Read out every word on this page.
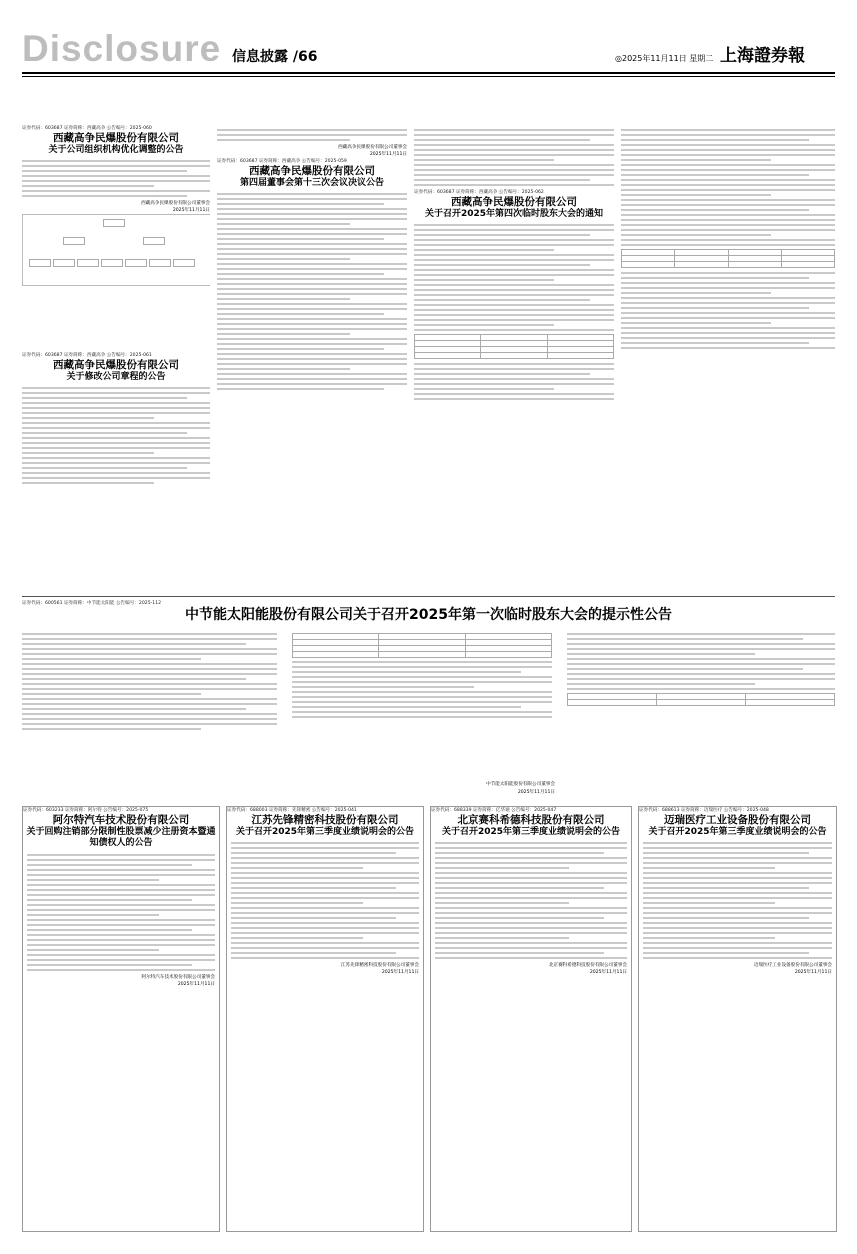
Disclosure 信息披露 /66	◎2025年11月11日 星期二 上海證券報
证券代码：603687 证券简称：西藏高争 公告编号：2025-060
西藏高争民爆股份有限公司
关于公司组织机构优化调整的公告
西藏高争民爆股份有限公司董事会
2025年11月11日
证券代码：603687 证券简称：西藏高争 公告编号：2025-061
西藏高争民爆股份有限公司
关于修改公司章程的公告
西藏高争民爆股份有限公司董事会
2025年11月11日
证券代码：603687 证券简称：西藏高争 公告编号：2025-059
西藏高争民爆股份有限公司
第四届董事会第十三次会议决议公告
证券代码：603687 证券简称：西藏高争 公告编号：2025-062
西藏高争民爆股份有限公司
关于召开2025年第四次临时股东大会的通知

证券代码：600561 证券简称：中节能太阳能 公告编号：2025-112
中节能太阳能股份有限公司关于召开2025年第一次临时股东大会的提示性公告

中节能太阳能股份有限公司董事会
2025年11月11日
证券代码：603233 证券简称：阿尔特 公告编号：2025-075
阿尔特汽车技术股份有限公司
关于回购注销部分限制性股票减少注册资本暨通知债权人的公告
阿尔特汽车技术股份有限公司董事会
2025年11月11日
证券代码：688003 证券简称：先锋精密 公告编号：2025-041
江苏先锋精密科技股份有限公司
关于召开2025年第三季度业绩说明会的公告
江苏先锋精密科技股份有限公司董事会
2025年11月11日
证券代码：688339 证券简称：亿华通 公告编号：2025-047
北京赛科希德科技股份有限公司
关于召开2025年第三季度业绩说明会的公告
北京赛科希德科技股份有限公司董事会
2025年11月11日
证券代码：688613 证券简称：迈瑞医疗 公告编号：2025-048
迈瑞医疗工业设备股份有限公司
关于召开2025年第三季度业绩说明会的公告
迈瑞医疗工业设备股份有限公司董事会
2025年11月11日
